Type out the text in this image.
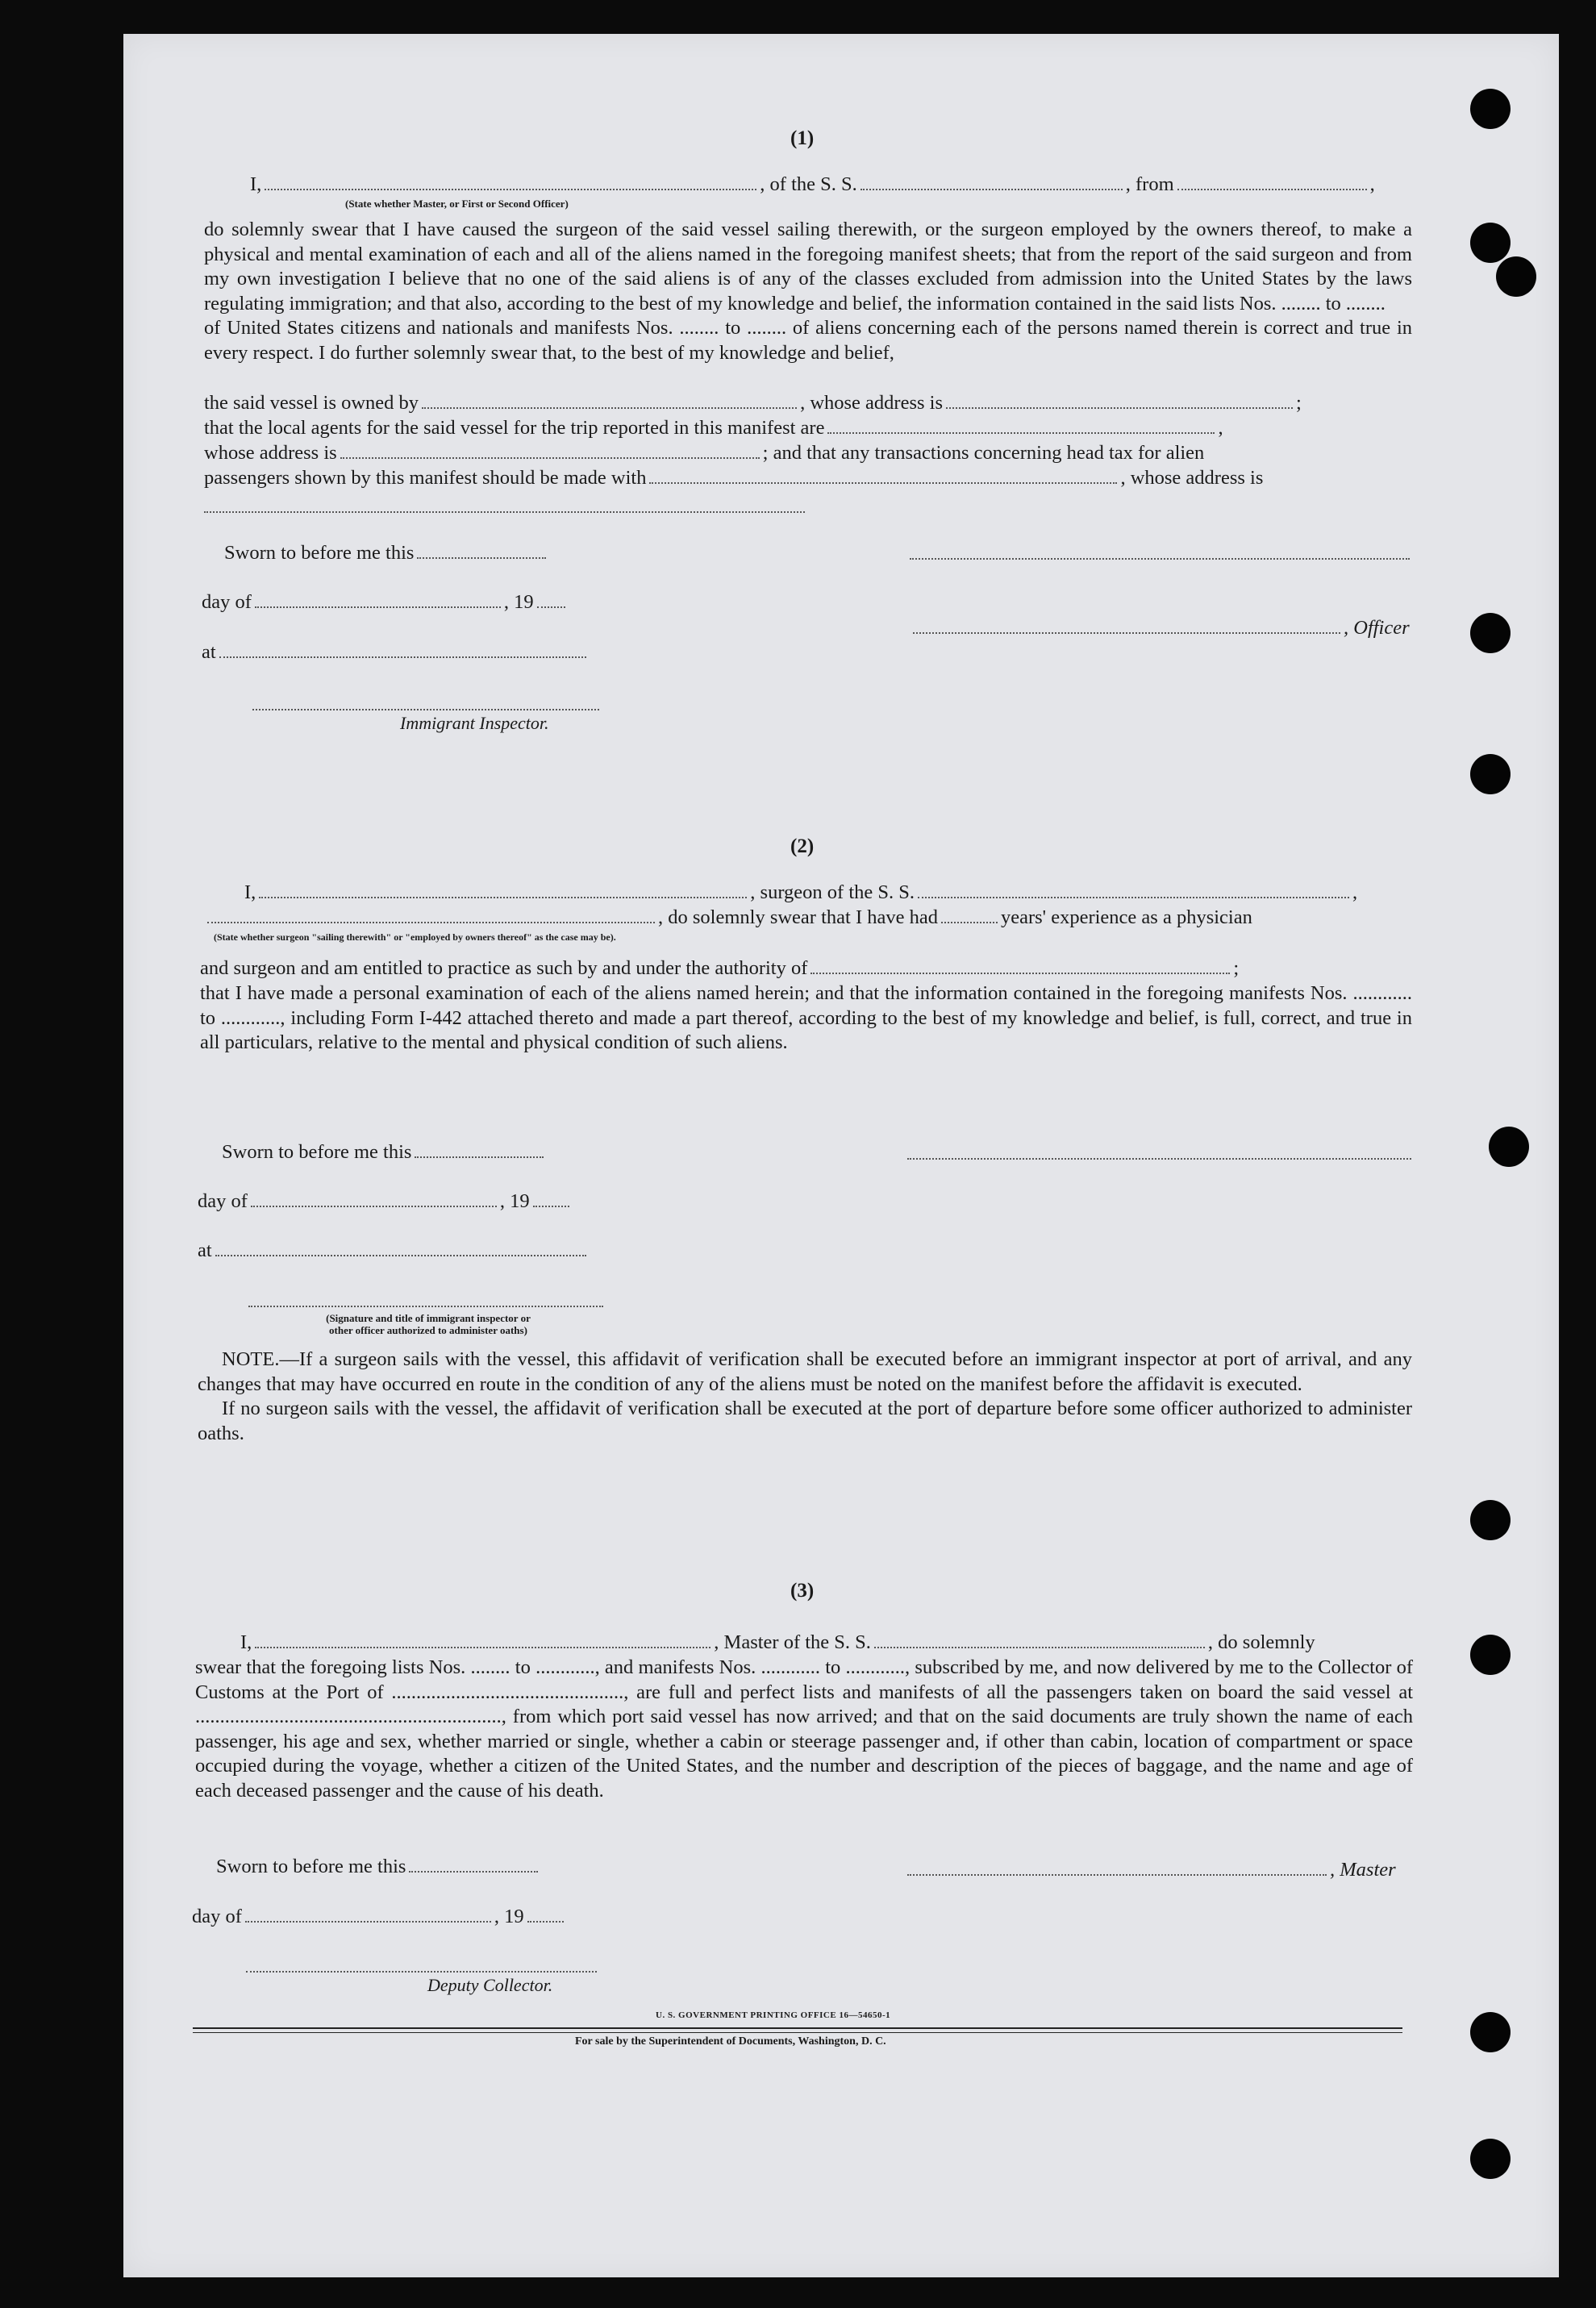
(1)
I,	, of the S. S.	, from	,
(State whether Master, or First or Second Officer)

do solemnly swear that I have caused the surgeon of the said vessel sailing therewith, or the surgeon employed by the owners thereof, to make a physical and mental examination of each and all of the aliens named in the foregoing manifest sheets; that from the report of the said surgeon and from my own investigation I believe that no one of the said aliens is of any of the classes excluded from admission into the United States by the laws regulating immigration; and that also, according to the best of my knowledge and belief, the information contained in the said lists Nos. ........ to ........

of United States citizens and nationals and manifests Nos. ........ to ........ of aliens concerning each of the persons named therein is correct and true in every respect. I do further solemnly swear that, to the best of my knowledge and belief,

the said vessel is owned by	, whose address is	;
that the local agents for the said vessel for the trip reported in this manifest are	,
whose address is	; and that any transactions concerning head tax for alien
passengers shown by this manifest should be made with	, whose address is
Sworn to before me this
day of	, 19
, Officer
at
Immigrant Inspector.
(2)
I,	, surgeon of the S. S.	,
, do solemnly swear that I have had	years' experience as a physician
(State whether surgeon "sailing therewith" or "employed by owners thereof" as the case may be).
and surgeon and am entitled to practice as such by and under the authority of	;

that I have made a personal examination of each of the aliens named herein; and that the information contained in the foregoing manifests Nos. ............ to ............, including Form I-442 attached thereto and made a part thereof, according to the best of my knowledge and belief, is full, correct, and true in all particulars, relative to the mental and physical condition of such aliens.

Sworn to before me this
day of	, 19
at
(Signature and title of immigrant inspector or
other officer authorized to administer oaths)

NOTE.—If a surgeon sails with the vessel, this affidavit of verification shall be executed before an immigrant inspector at port of arrival, and any changes that may have occurred en route in the condition of any of the aliens must be noted on the manifest before the affidavit is executed.

If no surgeon sails with the vessel, the affidavit of verification shall be executed at the port of departure before some officer authorized to administer oaths.

(3)
I,	, Master of the S. S.	, do solemnly

swear that the foregoing lists Nos. ........ to ............, and manifests Nos. ............ to ............, subscribed by me, and now delivered by me to the Collector of Customs at the Port of ..............................................., are full and perfect lists and manifests of all the passengers taken on board the said vessel at .............................................................., from which port said vessel has now arrived; and that on the said documents are truly shown the name of each passenger, his age and sex, whether married or single, whether a cabin or steerage passenger and, if other than cabin, location of compartment or space occupied during the voyage, whether a citizen of the United States, and the number and description of the pieces of baggage, and the name and age of each deceased passenger and the cause of his death.

Sworn to before me this	, Master
day of	, 19
Deputy Collector.
U. S. GOVERNMENT PRINTING OFFICE 16—54650-1
For sale by the Superintendent of Documents, Washington, D. C.
